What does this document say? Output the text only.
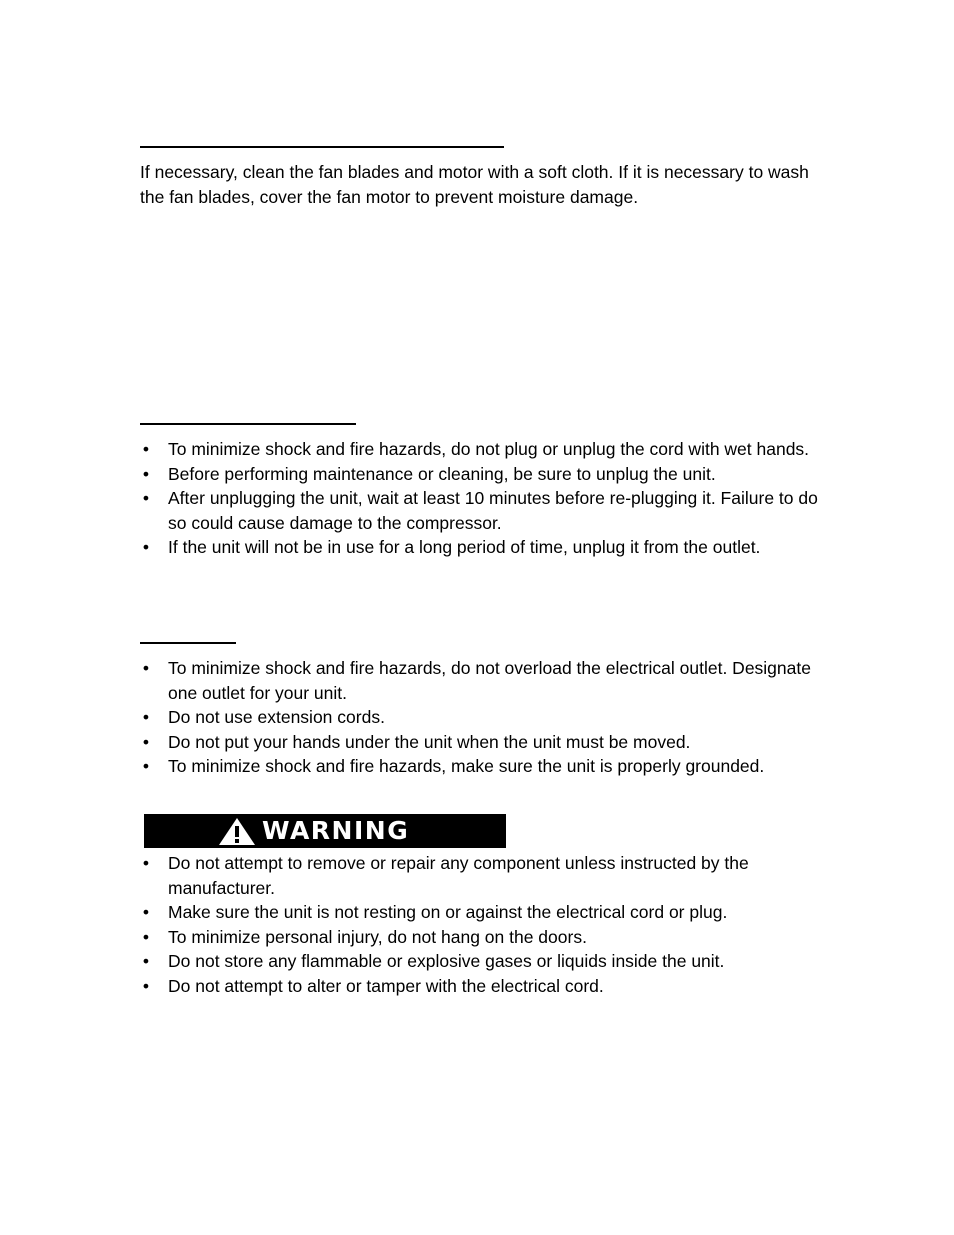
If necessary, clean the fan blades and motor with a soft cloth. If it is necessary to wash the fan blades, cover the fan motor to prevent moisture damage.

• To minimize shock and fire hazards, do not plug or unplug the cord with wet hands.
• Before performing maintenance or cleaning, be sure to unplug the unit.
• After unplugging the unit, wait at least 10 minutes before re-plugging it. Failure to do so could cause damage to the compressor.
• If the unit will not be in use for a long period of time, unplug it from the outlet.
• To minimize shock and fire hazards, do not overload the electrical outlet. Designate one outlet for your unit.
• Do not use extension cords.
• Do not put your hands under the unit when the unit must be moved.
• To minimize shock and fire hazards, make sure the unit is properly grounded.
WARNING
• Do not attempt to remove or repair any component unless instructed by the manufacturer.
• Make sure the unit is not resting on or against the electrical cord or plug.
• To minimize personal injury, do not hang on the doors.
• Do not store any flammable or explosive gases or liquids inside the unit.
• Do not attempt to alter or tamper with the electrical cord.
